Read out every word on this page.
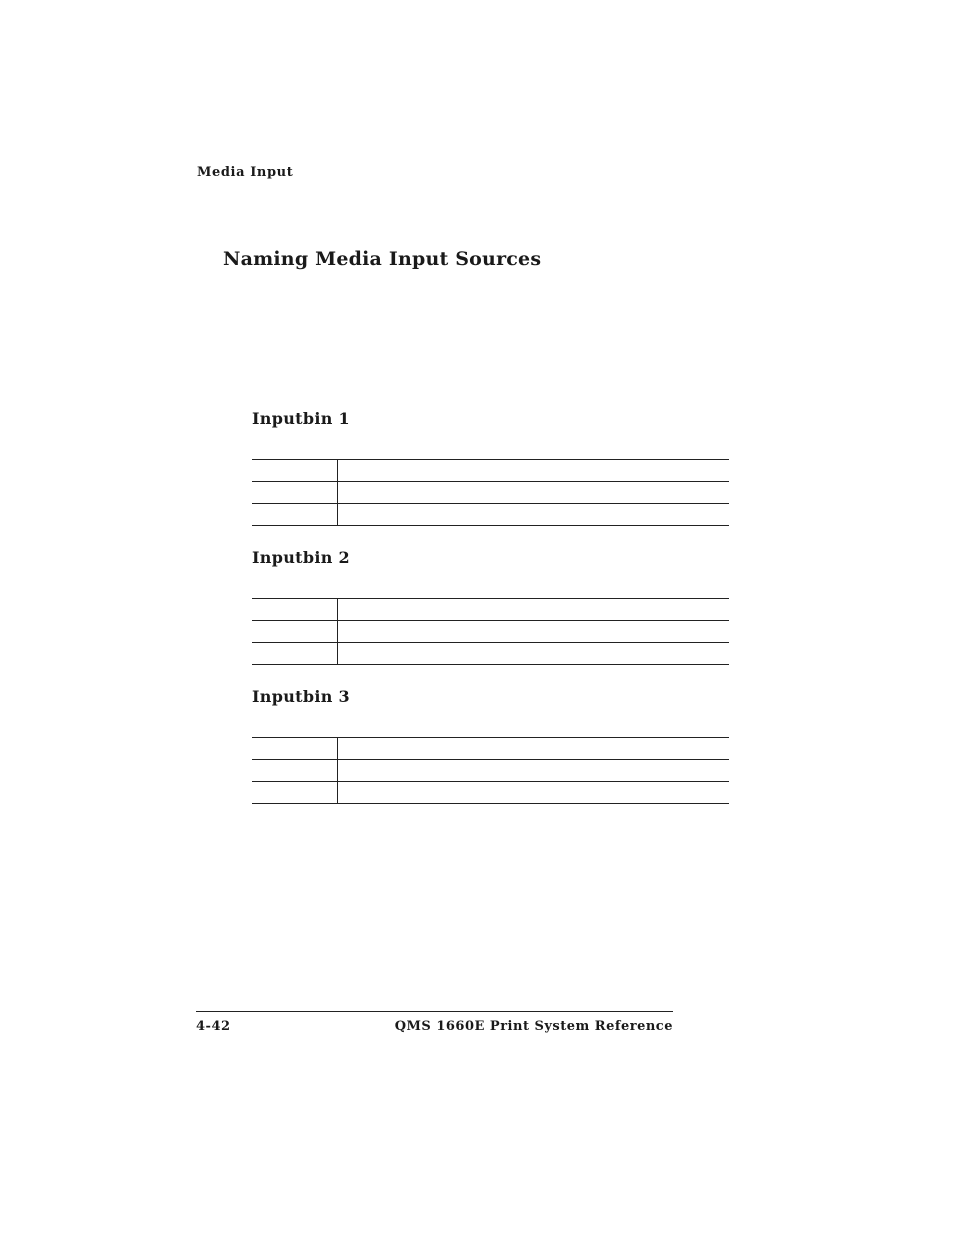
Media Input
Naming Media Input Sources
Inputbin 1

Inputbin 2

Inputbin 3

4-42	QMS 1660E Print System Reference
